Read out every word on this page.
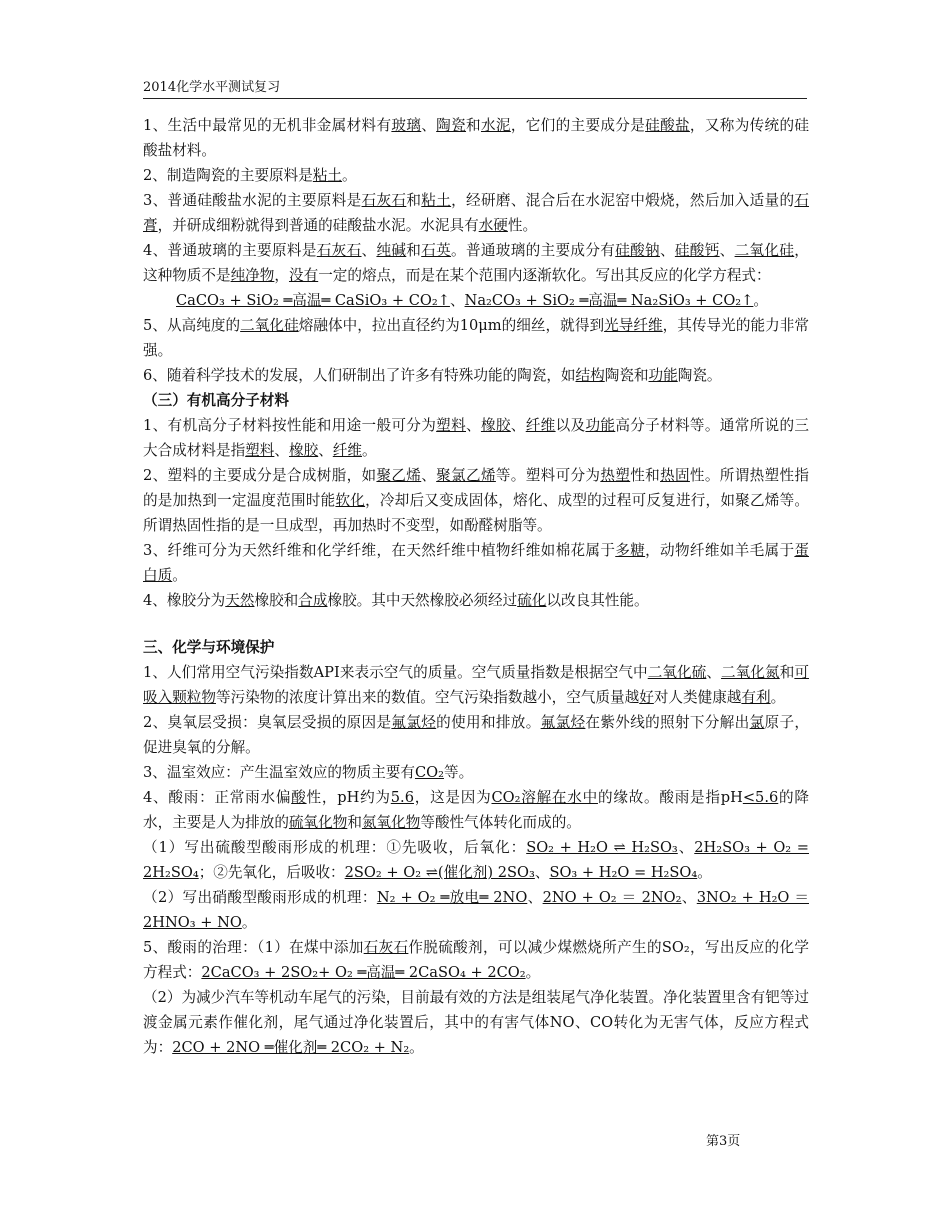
2014化学水平测试复习
1、生活中最常见的无机非金属材料有玻璃、陶瓷和水泥，它们的主要成分是硅酸盐，又称为传统的硅酸盐材料。
2、制造陶瓷的主要原料是粘土。
3、普通硅酸盐水泥的主要原料是石灰石和粘土，经研磨、混合后在水泥窑中煅烧，然后加入适量的石膏，并研成细粉就得到普通的硅酸盐水泥。水泥具有水硬性。
4、普通玻璃的主要原料是石灰石、纯碱和石英。普通玻璃的主要成分有硅酸钠、硅酸钙、二氧化硅，这种物质不是纯净物，没有一定的熔点，而是在某个范围内逐渐软化。写出其反应的化学方程式：
CaCO₃ + SiO₂ ═高温═ CaSiO₃ + CO₂↑、Na₂CO₃ + SiO₂ ═高温═ Na₂SiO₃ + CO₂↑。
5、从高纯度的二氧化硅熔融体中，拉出直径约为10μm的细丝，就得到光导纤维，其传导光的能力非常强。
6、随着科学技术的发展，人们研制出了许多有特殊功能的陶瓷，如结构陶瓷和功能陶瓷。
（三）有机高分子材料
1、有机高分子材料按性能和用途一般可分为塑料、橡胶、纤维以及功能高分子材料等。通常所说的三大合成材料是指塑料、橡胶、纤维。
2、塑料的主要成分是合成树脂，如聚乙烯、聚氯乙烯等。塑料可分为热塑性和热固性。所谓热塑性指的是加热到一定温度范围时能软化，冷却后又变成固体，熔化、成型的过程可反复进行，如聚乙烯等。所谓热固性指的是一旦成型，再加热时不变型，如酚醛树脂等。
3、纤维可分为天然纤维和化学纤维，在天然纤维中植物纤维如棉花属于多糖，动物纤维如羊毛属于蛋白质。
4、橡胶分为天然橡胶和合成橡胶。其中天然橡胶必须经过硫化以改良其性能。
三、化学与环境保护
1、人们常用空气污染指数API来表示空气的质量。空气质量指数是根据空气中二氧化硫、二氧化氮和可吸入颗粒物等污染物的浓度计算出来的数值。空气污染指数越小，空气质量越好对人类健康越有利。
2、臭氧层受损：臭氧层受损的原因是氟氯烃的使用和排放。氟氯烃在紫外线的照射下分解出氯原子，促进臭氧的分解。
3、温室效应：产生温室效应的物质主要有CO₂等。
4、酸雨：正常雨水偏酸性，pH约为5.6，这是因为CO₂溶解在水中的缘故。酸雨是指pH<5.6的降水，主要是人为排放的硫氧化物和氮氧化物等酸性气体转化而成的。
（1）写出硫酸型酸雨形成的机理：①先吸收，后氧化：SO₂ + H₂O ⇌ H₂SO₃、2H₂SO₃ + O₂ = 2H₂SO₄；②先氧化，后吸收：2SO₂ + O₂ ⇌(催化剂) 2SO₃、SO₃ + H₂O = H₂SO₄。
（2）写出硝酸型酸雨形成的机理：N₂ + O₂ ═放电═ 2NO、2NO + O₂ ＝ 2NO₂、3NO₂ + H₂O ＝ 2HNO₃ + NO。
5、酸雨的治理：（1）在煤中添加石灰石作脱硫酸剂，可以减少煤燃烧所产生的SO₂，写出反应的化学方程式：2CaCO₃ + 2SO₂+ O₂ ═高温═ 2CaSO₄ + 2CO₂。
（2）为减少汽车等机动车尾气的污染，目前最有效的方法是组装尾气净化装置。净化装置里含有钯等过渡金属元素作催化剂，尾气通过净化装置后，其中的有害气体NO、CO转化为无害气体，反应方程式为：2CO + 2NO ═催化剂═ 2CO₂ + N₂。
第3页
